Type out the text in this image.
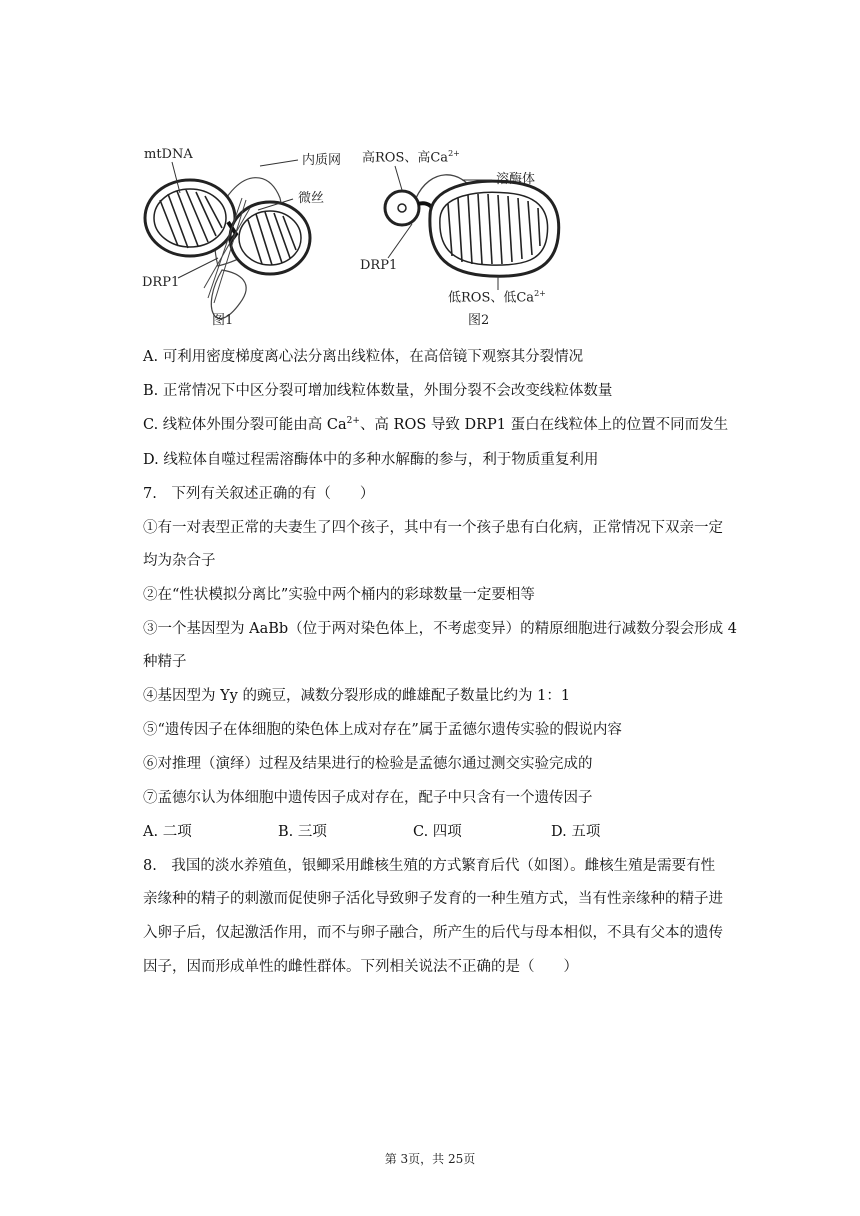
mtDNA	内质网
微丝
DRP1
图1
高ROS、高$Ca^{2+}$
溶酶体
DRP1
低ROS、低$Ca^{2+}$
图2
A. 可利用密度梯度离心法分离出线粒体，在高倍镜下观察其分裂情况
B. 正常情况下中区分裂可增加线粒体数量，外围分裂不会改变线粒体数量
C. 线粒体外围分裂可能由高 $Ca^{2+}$、高 ROS 导致 DRP1 蛋白在线粒体上的位置不同而发生
D. 线粒体自噬过程需溶酶体中的多种水解酶的参与，利于物质重复利用
7.　下列有关叙述正确的有（　　）
①有一对表型正常的夫妻生了四个孩子，其中有一个孩子患有白化病，正常情况下双亲一定
均为杂合子
②在“性状模拟分离比”实验中两个桶内的彩球数量一定要相等
③一个基因型为 AaBb（位于两对染色体上，不考虑变异）的精原细胞进行减数分裂会形成 4
种精子
④基因型为 Yy 的豌豆，减数分裂形成的雌雄配子数量比约为 1：1
⑤“遗传因子在体细胞的染色体上成对存在”属于孟德尔遗传实验的假说内容
⑥对推理（演绎）过程及结果进行的检验是孟德尔通过测交实验完成的
⑦孟德尔认为体细胞中遗传因子成对存在，配子中只含有一个遗传因子
A. 二项	B. 三项	C. 四项	D. 五项
8.　我国的淡水养殖鱼，银鲫采用雌核生殖的方式繁育后代（如图）。雌核生殖是需要有性
亲缘种的精子的刺激而促使卵子活化导致卵子发育的一种生殖方式，当有性亲缘种的精子进
入卵子后，仅起激活作用，而不与卵子融合，所产生的后代与母本相似，不具有父本的遗传
因子，因而形成单性的雌性群体。下列相关说法不正确的是（　　）
第 3页，共 25页
